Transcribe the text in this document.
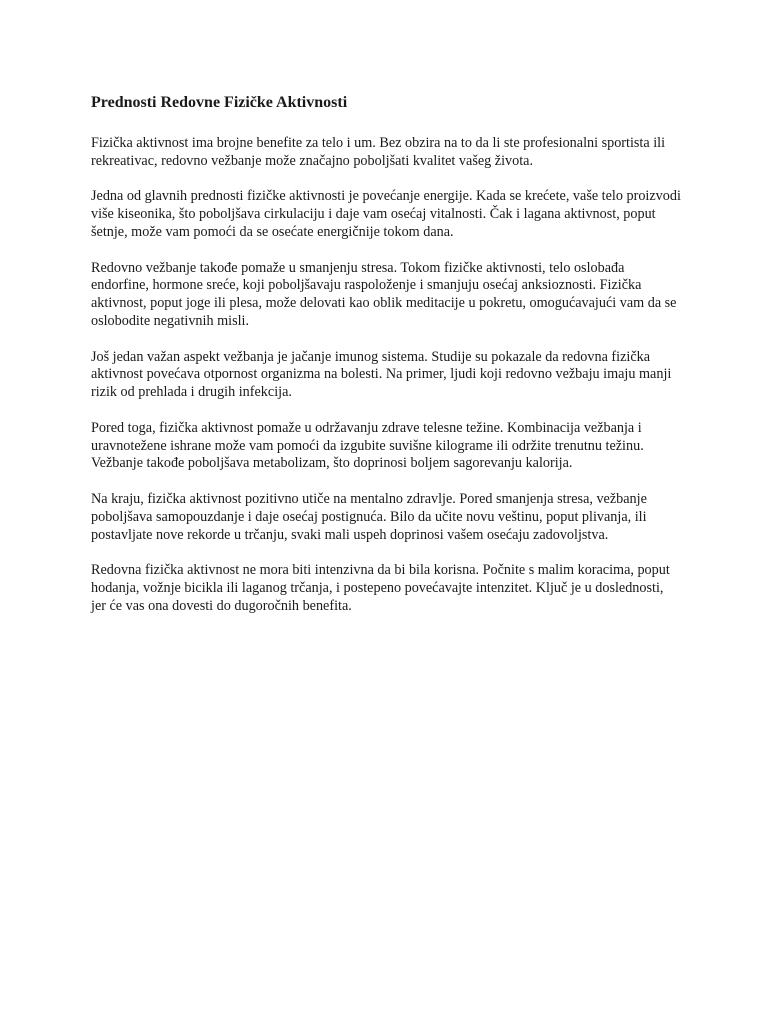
Prednosti Redovne Fizičke Aktivnosti

Fizička aktivnost ima brojne benefite za telo i um. Bez obzira na to da li ste profesionalni sportista ili rekreativac, redovno vežbanje može značajno poboljšati kvalitet vašeg života.

Jedna od glavnih prednosti fizičke aktivnosti je povećanje energije. Kada se krećete, vaše telo proizvodi više kiseonika, što poboljšava cirkulaciju i daje vam osećaj vitalnosti. Čak i lagana aktivnost, poput šetnje, može vam pomoći da se osećate energičnije tokom dana.

Redovno vežbanje takođe pomaže u smanjenju stresa. Tokom fizičke aktivnosti, telo oslobađa endorfine, hormone sreće, koji poboljšavaju raspoloženje i smanjuju osećaj anksioznosti. Fizička aktivnost, poput joge ili plesa, može delovati kao oblik meditacije u pokretu, omogućavajući vam da se oslobodite negativnih misli.

Još jedan važan aspekt vežbanja je jačanje imunog sistema. Studije su pokazale da redovna fizička aktivnost povećava otpornost organizma na bolesti. Na primer, ljudi koji redovno vežbaju imaju manji rizik od prehlada i drugih infekcija.

Pored toga, fizička aktivnost pomaže u održavanju zdrave telesne težine. Kombinacija vežbanja i uravnotežene ishrane može vam pomoći da izgubite suvišne kilograme ili održite trenutnu težinu. Vežbanje takođe poboljšava metabolizam, što doprinosi boljem sagorevanju kalorija.

Na kraju, fizička aktivnost pozitivno utiče na mentalno zdravlje. Pored smanjenja stresa, vežbanje poboljšava samopouzdanje i daje osećaj postignuća. Bilo da učite novu veštinu, poput plivanja, ili postavljate nove rekorde u trčanju, svaki mali uspeh doprinosi vašem osećaju zadovoljstva.

Redovna fizička aktivnost ne mora biti intenzivna da bi bila korisna. Počnite s malim koracima, poput hodanja, vožnje bicikla ili laganog trčanja, i postepeno povećavajte intenzitet. Ključ je u doslednosti, jer će vas ona dovesti do dugoročnih benefita.
